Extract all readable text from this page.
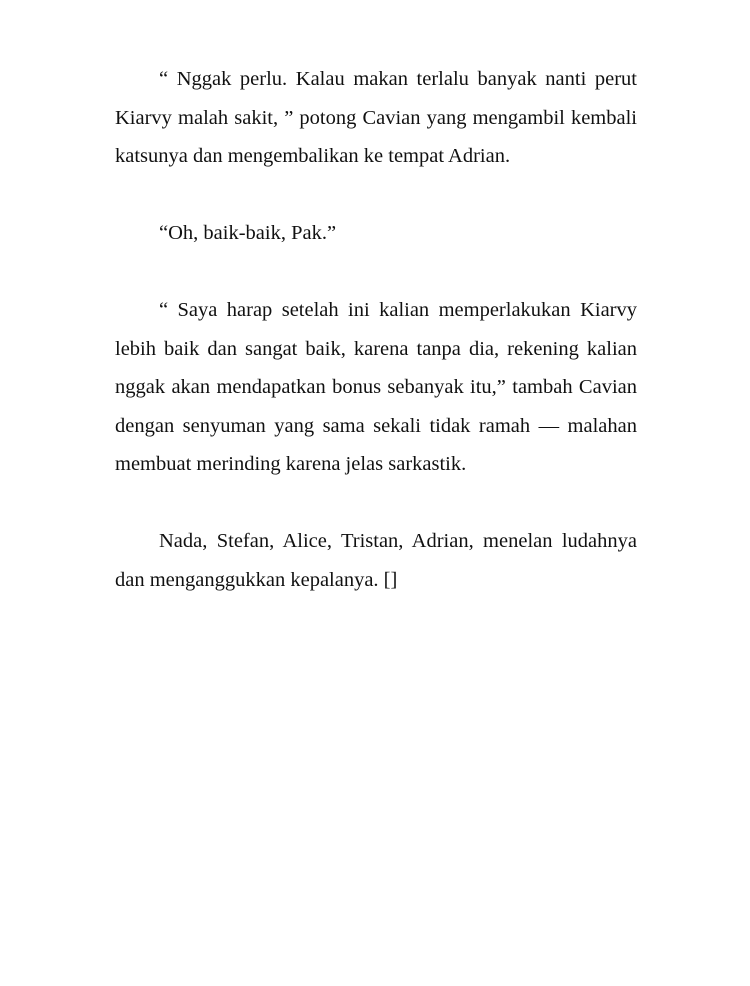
“ Nggak perlu. Kalau makan terlalu banyak nanti perut Kiarvy malah sakit, ” potong Cavian yang mengambil kembali katsunya dan mengembalikan ke tempat Adrian.

“Oh, baik-baik, Pak.”

“ Saya harap setelah ini kalian memperlakukan Kiarvy lebih baik dan sangat baik, karena tanpa dia, rekening kalian nggak akan mendapatkan bonus sebanyak itu,” tambah Cavian dengan senyuman yang sama sekali tidak ramah — malahan membuat merinding karena jelas sarkastik.

Nada, Stefan, Alice, Tristan, Adrian, menelan ludahnya dan menganggukkan kepalanya. []
